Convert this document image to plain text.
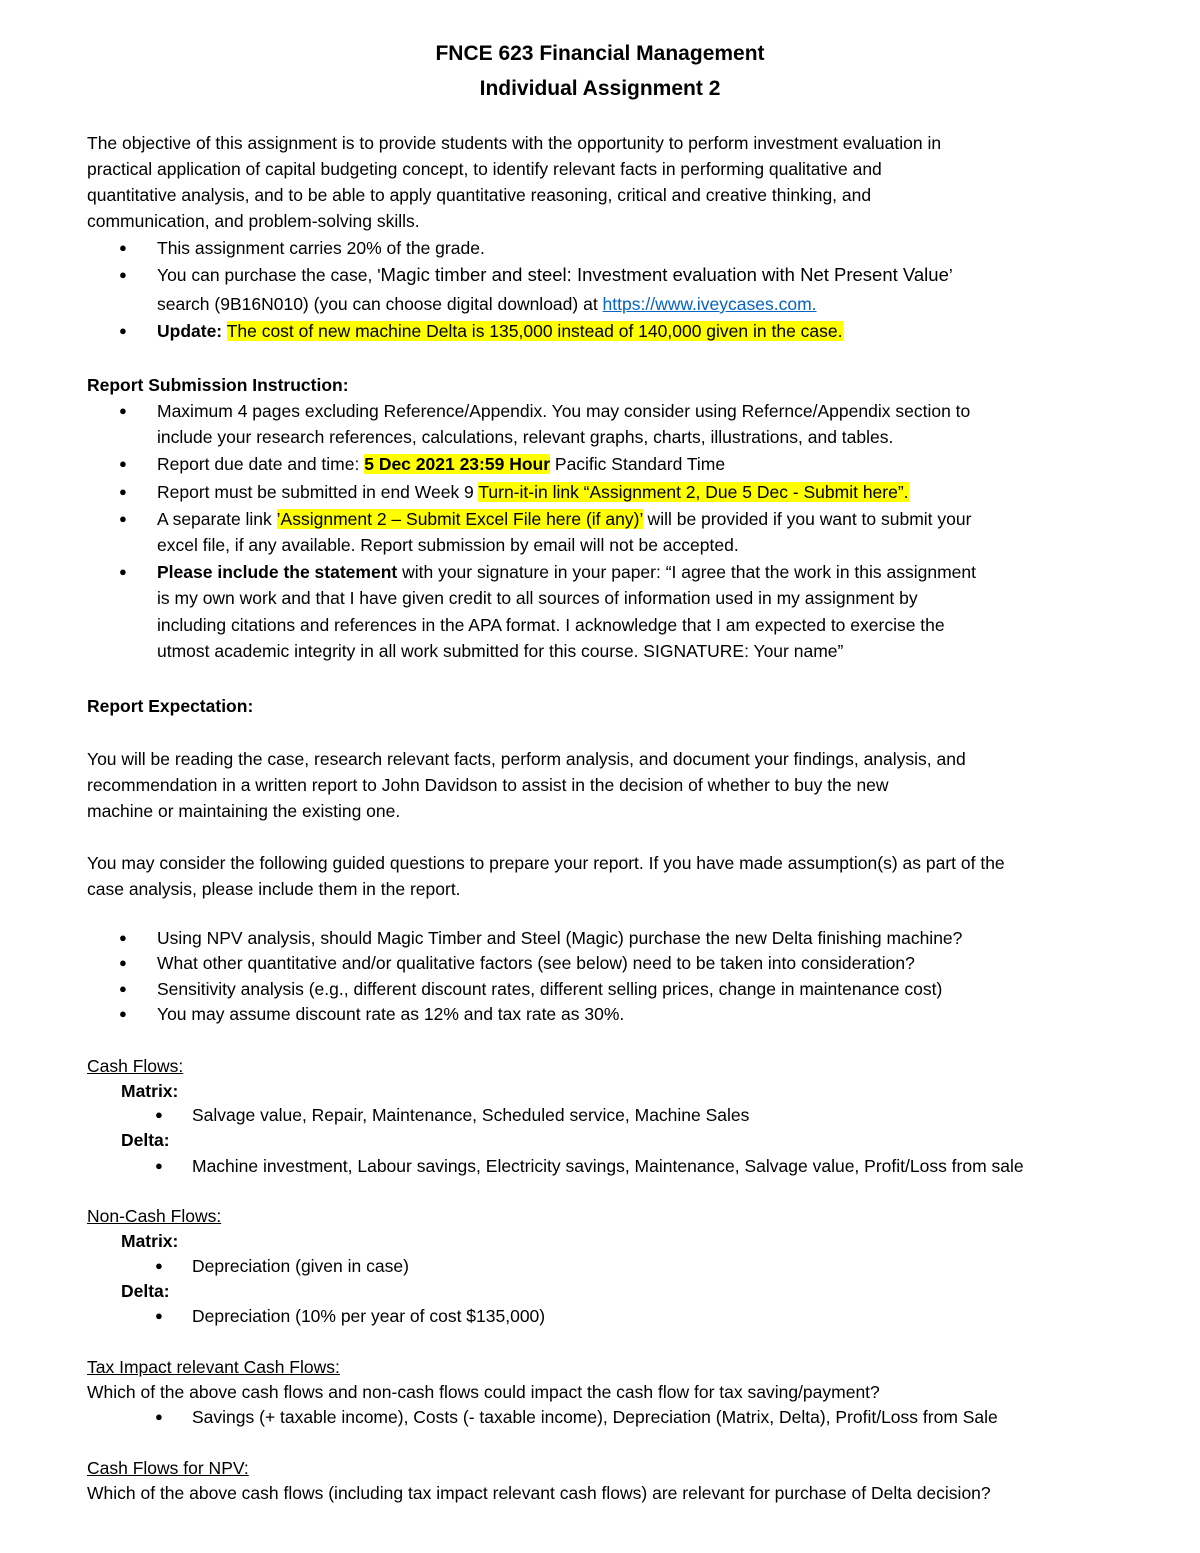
FNCE 623 Financial Management
Individual Assignment 2
The objective of this assignment is to provide students with the opportunity to perform investment evaluation in
practical application of capital budgeting concept, to identify relevant facts in performing qualitative and
quantitative analysis, and to be able to apply quantitative reasoning, critical and creative thinking, and
communication, and problem-solving skills.
● This assignment carries 20% of the grade.
● You can purchase the case, 'Magic timber and steel: Investment evaluation with Net Present Value’
search (9B16N010) (you can choose digital download) at https://www.iveycases.com.
● Update: The cost of new machine Delta is 135,000 instead of 140,000 given in the case.
Report Submission Instruction:
● Maximum 4 pages excluding Reference/Appendix. You may consider using Refernce/Appendix section to
include your research references, calculations, relevant graphs, charts, illustrations, and tables.
● Report due date and time: 5 Dec 2021 23:59 Hour Pacific Standard Time
● Report must be submitted in end Week 9 Turn-it-in link “Assignment 2, Due 5 Dec - Submit here”.
● A separate link ’Assignment 2 – Submit Excel File here (if any)’ will be provided if you want to submit your
excel file, if any available. Report submission by email will not be accepted.
● Please include the statement with your signature in your paper: “I agree that the work in this assignment
is my own work and that I have given credit to all sources of information used in my assignment by
including citations and references in the APA format. I acknowledge that I am expected to exercise the
utmost academic integrity in all work submitted for this course. SIGNATURE: Your name”
Report Expectation:
You will be reading the case, research relevant facts, perform analysis, and document your findings, analysis, and
recommendation in a written report to John Davidson to assist in the decision of whether to buy the new
machine or maintaining the existing one.
You may consider the following guided questions to prepare your report. If you have made assumption(s) as part of the
case analysis, please include them in the report.
● Using NPV analysis, should Magic Timber and Steel (Magic) purchase the new Delta finishing machine?
● What other quantitative and/or qualitative factors (see below) need to be taken into consideration?
● Sensitivity analysis (e.g., different discount rates, different selling prices, change in maintenance cost)
● You may assume discount rate as 12% and tax rate as 30%.
Cash Flows:
Matrix:
● Salvage value, Repair, Maintenance, Scheduled service, Machine Sales
Delta:
● Machine investment, Labour savings, Electricity savings, Maintenance, Salvage value, Profit/Loss from sale
Non-Cash Flows:
Matrix:
● Depreciation (given in case)
Delta:
● Depreciation (10% per year of cost $135,000)
Tax Impact relevant Cash Flows:
Which of the above cash flows and non-cash flows could impact the cash flow for tax saving/payment?
● Savings (+ taxable income), Costs (- taxable income), Depreciation (Matrix, Delta), Profit/Loss from Sale
Cash Flows for NPV:
Which of the above cash flows (including tax impact relevant cash flows) are relevant for purchase of Delta decision?
